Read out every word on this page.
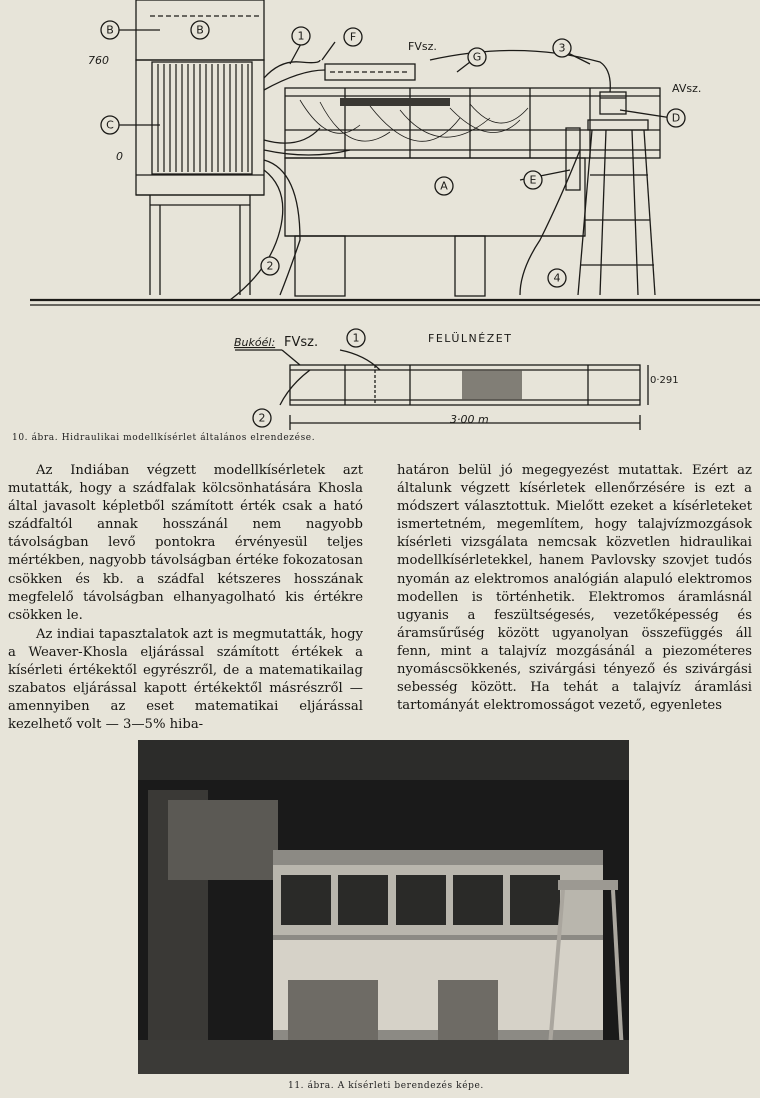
B	B
C
F
1
G
A
D
E
3
2
4
1
2
FVsz.
AVsz.
760
0
FELÜLNÉZET
Bukóél: FVsz.
0·291
3·00 m
10. ábra. Hidraulikai modellkísérlet általános elrendezése.

Az Indiában végzett modellkísérletek azt mutatták, hogy a szádfalak kölcsönhatására Khosla által javasolt képletből számított érték csak a ható szádfaltól annak hosszánál nem nagyobb távolságban levő pontokra érvényesül teljes mértékben, nagyobb távolságban értéke fokozatosan csökken és kb. a szádfal kétszeres hosszának megfelelő távolságban elhanyagolható kis értékre csökken le.

Az indiai tapasztalatok azt is megmutatták, hogy a Weaver-Khosla eljárással számított értékek a kísérleti értékektől egyrészről, de a matematikailag szabatos eljárással kapott értékektől másrészről — amennyiben az eset matematikai eljárással kezelhető volt — 3—5% hiba-

határon belül jó megegyezést mutattak. Ezért az általunk végzett kísérletek ellenőrzésére is ezt a módszert választottuk. Mielőtt ezeket a kísérleteket ismertetném, megemlítem, hogy talajvízmozgások kísérleti vizsgálata nemcsak közvetlen hidraulikai modellkísérletekkel, hanem Pavlovsky szovjet tudós nyomán az elektromos analógián alapuló elektromos modellen is történhetik. Elektromos áramlásnál ugyanis a feszültségesés, vezetőképesség és áramsűrűség között ugyanolyan összefüggés áll fenn, mint a talajvíz mozgásánál a piezométeres nyomáscsökkenés, szivárgási tényező és szivárgási sebesség között. Ha tehát a talajvíz áramlási tartományát elektromosságot vezető, egyenletes

11. ábra. A kísérleti berendezés képe.
